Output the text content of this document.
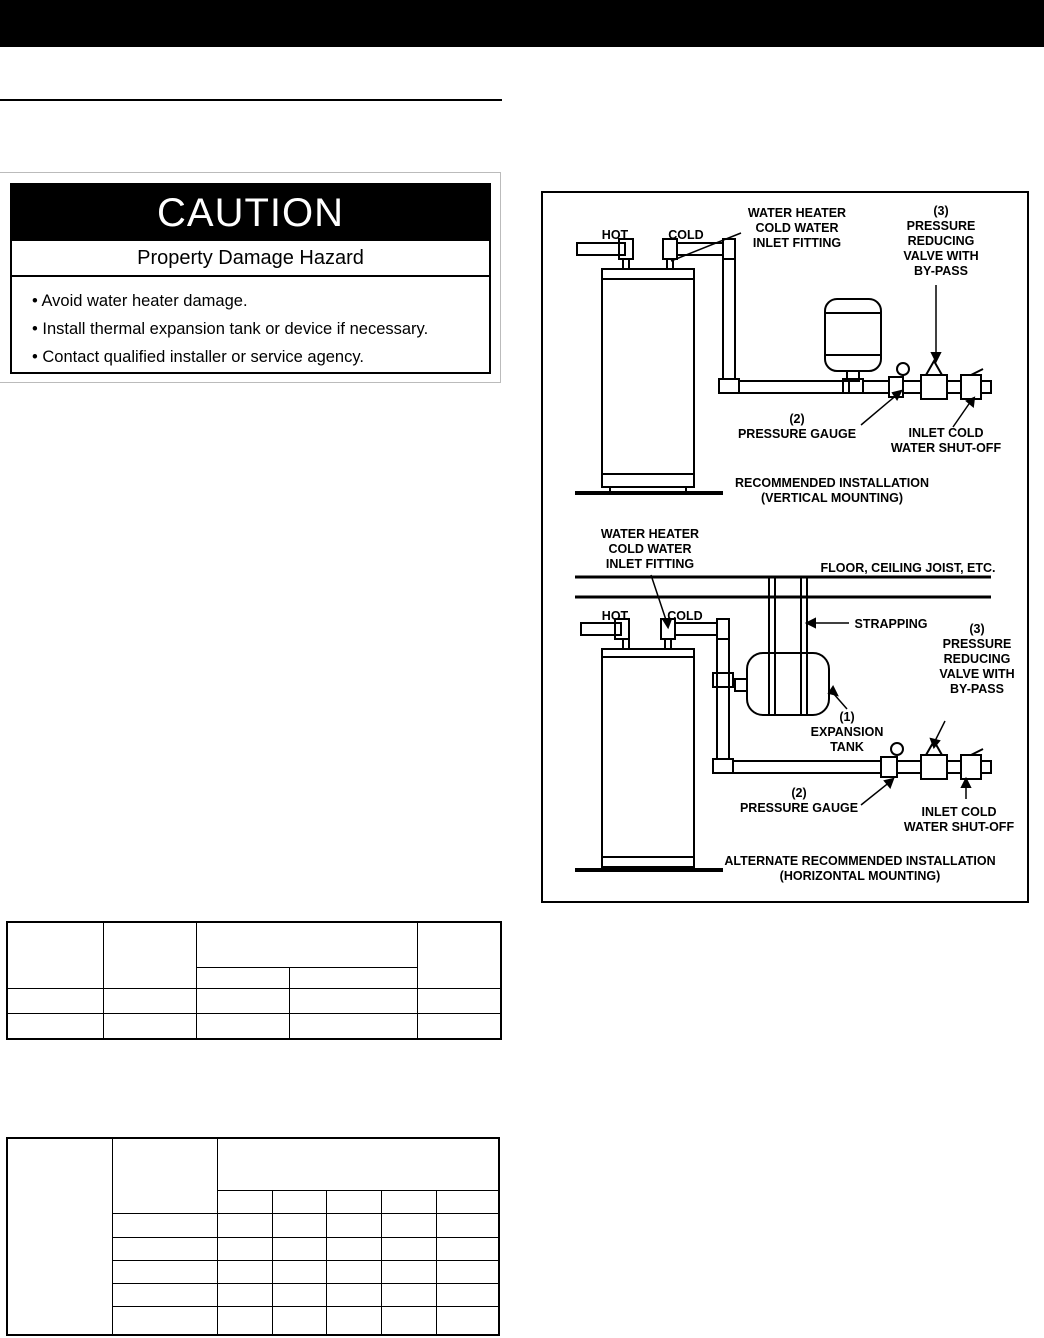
CAUTION
Property Damage Hazard
• Avoid water heater damage.
• Install thermal expansion tank or device if necessary.
• Contact qualified installer or service agency.
HOT	COLD
WATER HEATER
COLD WATER
INLET FITTING
(3)
PRESSURE
REDUCING
VALVE WITH
BY-PASS
(2)
PRESSURE GAUGE	INLET COLD
WATER SHUT-OFF
RECOMMENDED INSTALLATION
(VERTICAL MOUNTING)
WATER HEATER
COLD WATER
INLET FITTING	FLOOR, CEILING JOIST, ETC.
HOT	COLD
STRAPPING	(3)
PRESSURE
REDUCING
VALVE WITH
BY-PASS
(1)
EXPANSION
TANK
(2)
PRESSURE GAUGE	INLET COLD
WATER SHUT-OFF
ALTERNATE RECOMMENDED INSTALLATION
(HORIZONTAL MOUNTING)
